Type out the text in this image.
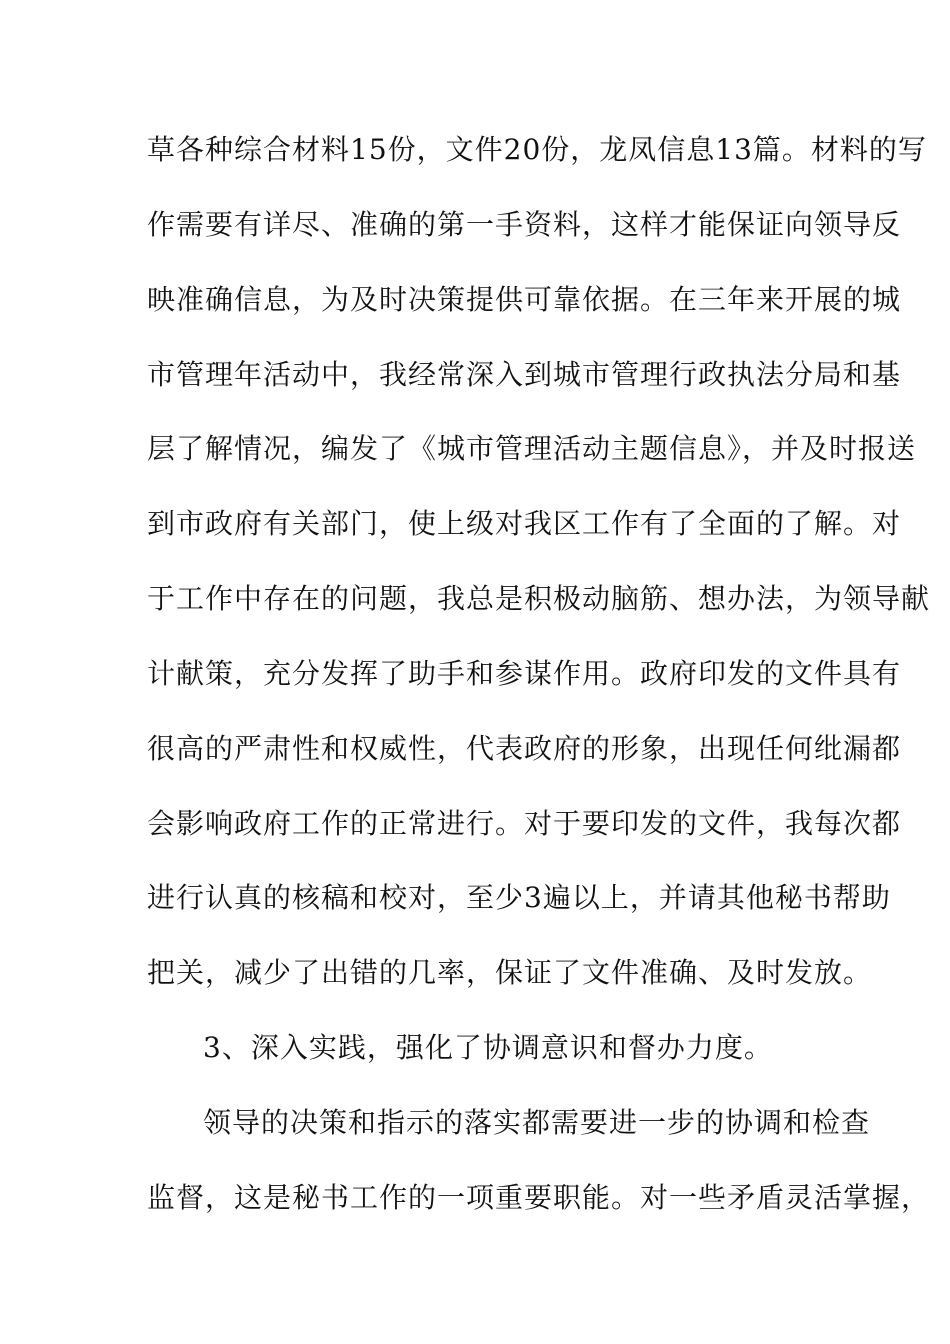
草各种综合材料15份，文件20份，龙凤信息13篇。材料的写
作需要有详尽、准确的第一手资料，这样才能保证向领导反
映准确信息，为及时决策提供可靠依据。在三年来开展的城
市管理年活动中，我经常深入到城市管理行政执法分局和基
层了解情况，编发了《城市管理活动主题信息》，并及时报送
到市政府有关部门，使上级对我区工作有了全面的了解。对
于工作中存在的问题，我总是积极动脑筋、想办法，为领导献
计献策，充分发挥了助手和参谋作用。政府印发的文件具有
很高的严肃性和权威性，代表政府的形象，出现任何纰漏都
会影响政府工作的正常进行。对于要印发的文件，我每次都
进行认真的核稿和校对，至少3遍以上，并请其他秘书帮助
把关，减少了出错的几率，保证了文件准确、及时发放。
3、深入实践，强化了协调意识和督办力度。
领导的决策和指示的落实都需要进一步的协调和检查
监督，这是秘书工作的一项重要职能。对一些矛盾灵活掌握，
